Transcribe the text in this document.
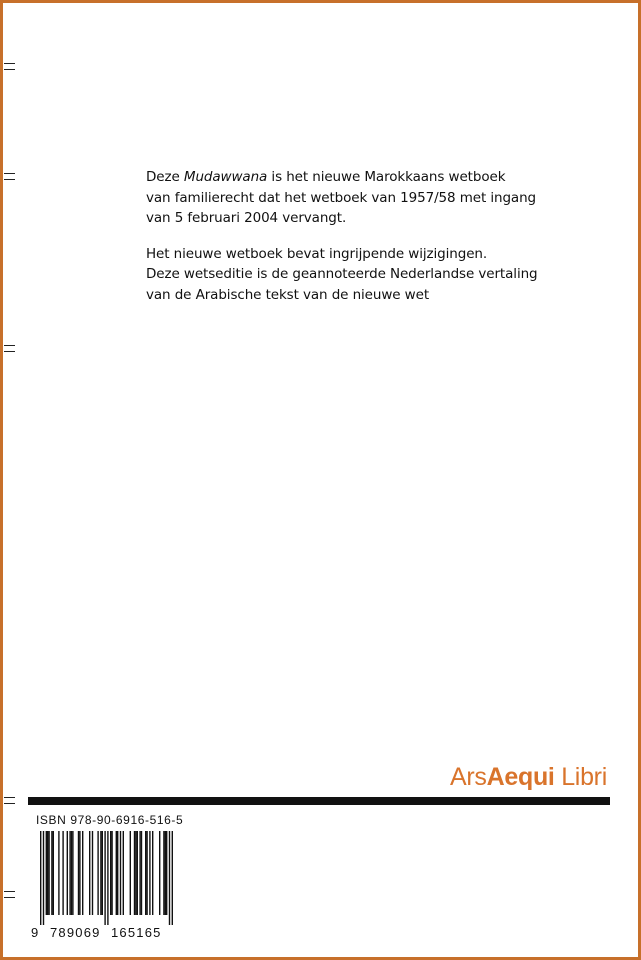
Deze Mudawwana is het nieuwe Marokkaans wetboek
van familierecht dat het wetboek van 1957/58 met ingang
van 5 februari 2004 vervangt.

Het nieuwe wetboek bevat ingrijpende wijzigingen.
Deze wetseditie is de geannoteerde Nederlandse vertaling
van de Arabische tekst van de nieuwe wet

ArsAequi Libri
ISBN 978-90-6916-516-5
9 789069 165165
